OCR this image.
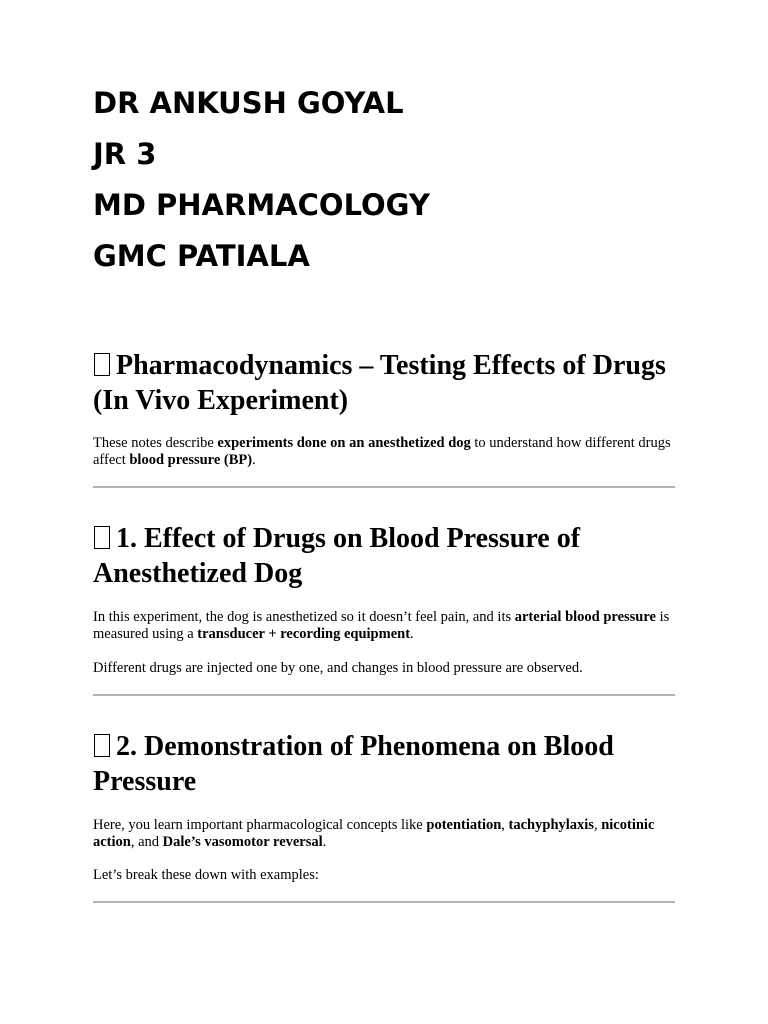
DR ANKUSH GOYAL
JR 3
MD PHARMACOLOGY
GMC PATIALA
Pharmacodynamics – Testing Effects of Drugs (In Vivo Experiment)

These notes describe experiments done on an anesthetized dog to understand how different drugs affect blood pressure (BP).

1. Effect of Drugs on Blood Pressure of Anesthetized Dog

In this experiment, the dog is anesthetized so it doesn’t feel pain, and its arterial blood pressure is measured using a transducer + recording equipment.

Different drugs are injected one by one, and changes in blood pressure are observed.

2. Demonstration of Phenomena on Blood Pressure

Here, you learn important pharmacological concepts like potentiation, tachyphylaxis, nicotinic action, and Dale’s vasomotor reversal.

Let’s break these down with examples:
